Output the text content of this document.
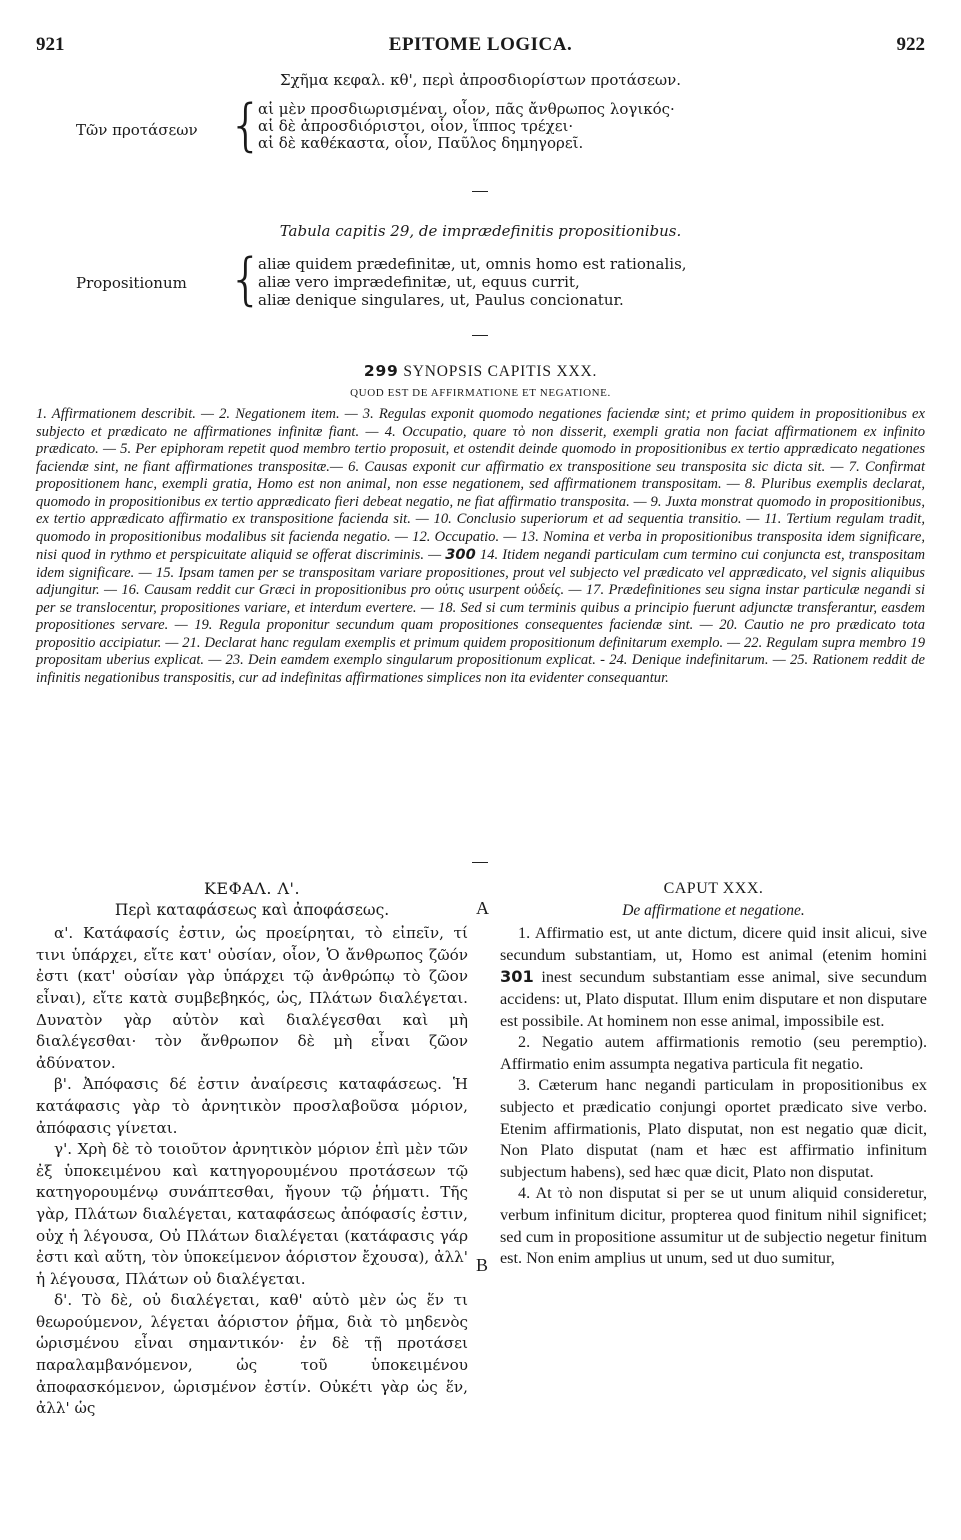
921	EPITOME LOGICA.	922
Σχῆμα κεφαλ. κθ', περὶ ἀπροσδιορίστων προτάσεων.
Τῶν προτάσεων {
αἱ μὲν προσδιωρισμέναι, οἷον, πᾶς ἄνθρωπος λογικός·
αἱ δὲ ἀπροσδιόριστοι, οἷον, ἵππος τρέχει·
αἱ δὲ καθέκαστα, οἷον, Παῦλος δημηγορεῖ.
Tabula capitis 29, de imprædefinitis propositionibus.
Propositionum {
aliæ quidem prædefinitæ, ut, omnis homo est rationalis,
aliæ vero imprædefinitæ, ut, equus currit,
aliæ denique singulares, ut, Paulus concionatur.
299 SYNOPSIS CAPITIS XXX.
QUOD EST DE AFFIRMATIONE ET NEGATIONE.
1. Affirmationem describit. — 2. Negationem item. — 3. Regulas exponit quomodo negationes faciendæ sint; et primo quidem in propositionibus ex subjecto et prædicato ne affirmationes infinitæ fiant. — 4. Occupatio, quare τὸ non disserit, exempli gratia non faciat affirmationem ex infinito prædicato. — 5. Per epiphoram repetit quod membro tertio proposuit, et ostendit deinde quomodo in propositionibus ex tertio apprædicato negationes faciendæ sint, ne fiant affirmationes transpositæ.— 6. Causas exponit cur affirmatio ex transpositione seu transposita sic dicta sit. — 7. Confirmat propositionem hanc, exempli gratia, Homo est non animal, non esse negationem, sed affirmationem transpositam. — 8. Pluribus exemplis declarat, quomodo in propositionibus ex tertio apprædicato fieri debeat negatio, ne fiat affirmatio transposita. — 9. Juxta monstrat quomodo in propositionibus, ex tertio apprædicato affirmatio ex transpositione facienda sit. — 10. Conclusio superiorum et ad sequentia transitio. — 11. Tertium regulam tradit, quomodo in propositionibus modalibus sit facienda negatio. — 12. Occupatio. — 13. Nomina et verba in propositionibus transposita idem significare, nisi quod in rythmo et perspicuitate aliquid se offerat discriminis. — 300 14. Itidem negandi particulam cum termino cui conjuncta est, transpositam idem significare. — 15. Ipsam tamen per se transpositam variare propositiones, prout vel subjecto vel prædicato vel apprædicato, vel signis aliquibus adjungitur. — 16. Causam reddit cur Græci in propositionibus pro οὐτις usurpent οὐδείς. — 17. Prædefinitiones seu signa instar particulæ negandi si per se translocentur, propositiones variare, et interdum evertere. — 18. Sed si cum terminis quibus a principio fuerunt adjunctæ transferantur, easdem propositiones servare. — 19. Regula proponitur secundum quam propositiones consequentes faciendæ sint. — 20. Cautio ne pro prædicato tota propositio accipiatur. — 21. Declarat hanc regulam exemplis et primum quidem propositionum definitarum exemplo. — 22. Regulam supra membro 19 propositam uberius explicat. — 23. Dein eamdem exemplo singularum propositionum explicat. - 24. Denique indefinitarum. — 25. Rationem reddit de infinitis negationibus transpositis, cur ad indefinitas affirmationes simplices non ita evidenter consequantur.
ΚΕΦΑΛ. Λ'.
Περὶ καταφάσεως καὶ ἀποφάσεως.

α'. Κατάφασίς ἐστιν, ὡς προείρηται, τὸ εἰπεῖν, τί τινι ὑπάρχει, εἴτε κατ' οὐσίαν, οἷον, Ὁ ἄνθρωπος ζῶόν ἐστι (κατ' οὐσίαν γὰρ ὑπάρχει τῷ ἀνθρώπῳ τὸ ζῶον εἶναι), εἴτε κατὰ συμβεβηκός, ὡς, Πλάτων διαλέγεται. Δυνατὸν γὰρ αὐτὸν καὶ διαλέγεσθαι καὶ μὴ διαλέγεσθαι· τὸν ἄνθρωπον δὲ μὴ εἶναι ζῶον ἀδύνατον.

β'. Ἀπόφασις δέ ἐστιν ἀναίρεσις καταφάσεως. Ἡ κατάφασις γὰρ τὸ ἀρνητικὸν προσλαβοῦσα μόριον, ἀπόφασις γίνεται.

γ'. Χρὴ δὲ τὸ τοιοῦτον ἀρνητικὸν μόριον ἐπὶ μὲν τῶν ἐξ ὑποκειμένου καὶ κατηγορουμένου προτάσεων τῷ κατηγορουμένῳ συνάπτεσθαι, ἤγουν τῷ ῥήματι. Τῆς γὰρ, Πλάτων διαλέγεται, καταφάσεως ἀπόφασίς ἐστιν, οὐχ ἡ λέγουσα, Οὐ Πλάτων διαλέγεται (κατάφασις γάρ ἐστι καὶ αὕτη, τὸν ὑποκείμενον ἀόριστον ἔχουσα), ἀλλ' ἡ λέγουσα, Πλάτων οὐ διαλέγεται.

δ'. Τὸ δὲ, οὐ διαλέγεται, καθ' αὑτὸ μὲν ὡς ἕν τι θεωρούμενον, λέγεται ἀόριστον ῥῆμα, διὰ τὸ μηδενὸς ὡρισμένου εἶναι σημαντικόν· ἐν δὲ τῇ προτάσει παραλαμβανόμενον, ὡς τοῦ ὑποκειμένου ἀποφασκόμενον, ὡρισμένον ἐστίν. Οὐκέτι γὰρ ὡς ἕν, ἀλλ' ὡς

A
B
CAPUT XXX.
De affirmatione et negatione.

1. Affirmatio est, ut ante dictum, dicere quid insit alicui, sive secundum substantiam, ut, Homo est animal (etenim homini 301 inest secundum substantiam esse animal, sive secundum accidens: ut, Plato disputat. Illum enim disputare et non disputare est possibile. At hominem non esse animal, impossibile est.

2. Negatio autem affirmationis remotio (seu peremptio). Affirmatio enim assumpta negativa particula fit negatio.

3. Cæterum hanc negandi particulam in propositionibus ex subjecto et prædicatio conjungi oportet prædicato sive verbo. Etenim affirmationis, Plato disputat, non est negatio quæ dicit, Non Plato disputat (nam et hæc est affirmatio infinitum subjectum habens), sed hæc quæ dicit, Plato non disputat.

4. At τὸ non disputat si per se ut unum aliquid consideretur, verbum infinitum dicitur, propterea quod finitum nihil significet; sed cum in propositione assumitur ut de subjectio negetur finitum est. Non enim amplius ut unum, sed ut duo sumitur,
